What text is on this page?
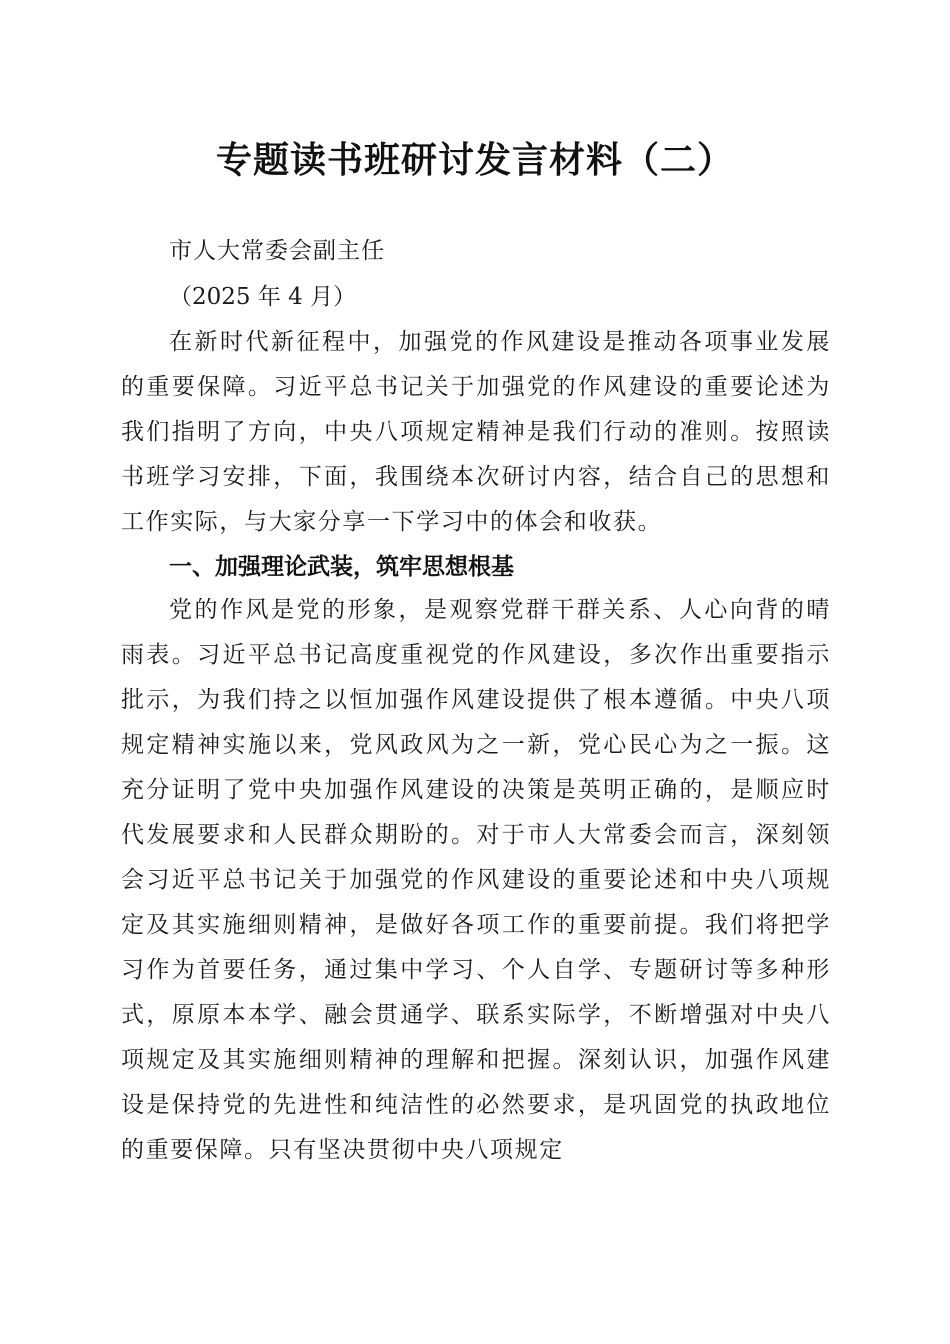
专题读书班研讨发言材料（二）
市人大常委会副主任
（2025 年 4 月）

在新时代新征程中，加强党的作风建设是推动各项事业发展的重要保障。习近平总书记关于加强党的作风建设的重要论述为我们指明了方向，中央八项规定精神是我们行动的准则。按照读书班学习安排，下面，我围绕本次研讨内容，结合自己的思想和工作实际，与大家分享一下学习中的体会和收获。

一、加强理论武装，筑牢思想根基

党的作风是党的形象，是观察党群干群关系、人心向背的晴雨表。习近平总书记高度重视党的作风建设，多次作出重要指示批示，为我们持之以恒加强作风建设提供了根本遵循。中央八项规定精神实施以来，党风政风为之一新，党心民心为之一振。这充分证明了党中央加强作风建设的决策是英明正确的，是顺应时代发展要求和人民群众期盼的。对于市人大常委会而言，深刻领会习近平总书记关于加强党的作风建设的重要论述和中央八项规定及其实施细则精神，是做好各项工作的重要前提。我们将把学习作为首要任务，通过集中学习、个人自学、专题研讨等多种形式，原原本本学、融会贯通学、联系实际学，不断增强对中央八项规定及其实施细则精神的理解和把握。深刻认识，加强作风建设是保持党的先进性和纯洁性的必然要求，是巩固党的执政地位的重要保障。只有坚决贯彻中央八项规定
